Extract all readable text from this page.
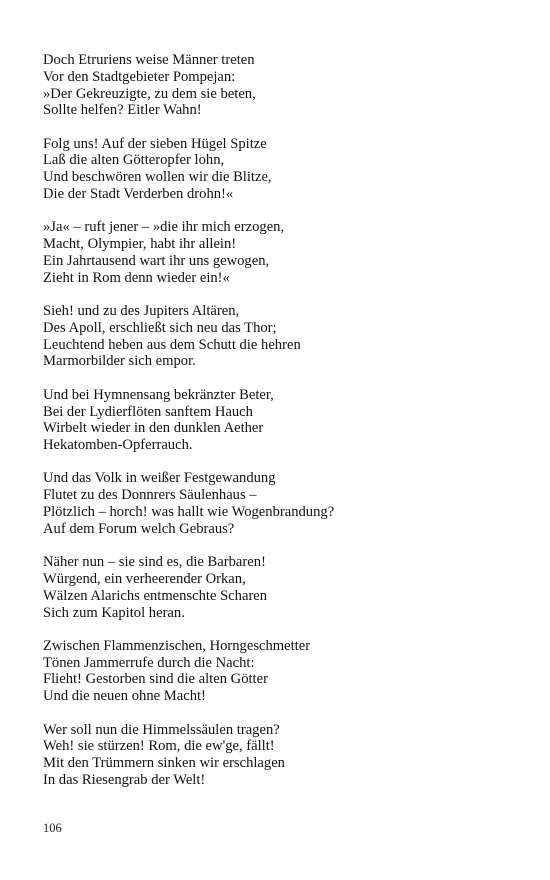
Doch Etruriens weise Männer treten
Vor den Stadtgebieter Pompejan:
»Der Gekreuzigte, zu dem sie beten,
Sollte helfen? Eitler Wahn!
Folg uns! Auf der sieben Hügel Spitze
Laß die alten Götteropfer lohn,
Und beschwören wollen wir die Blitze,
Die der Stadt Verderben drohn!«
»Ja« – ruft jener – »die ihr mich erzogen,
Macht, Olympier, habt ihr allein!
Ein Jahrtausend wart ihr uns gewogen,
Zieht in Rom denn wieder ein!«
Sieh! und zu des Jupiters Altären,
Des Apoll, erschließt sich neu das Thor;
Leuchtend heben aus dem Schutt die hehren
Marmorbilder sich empor.
Und bei Hymnensang bekränzter Beter,
Bei der Lydierflöten sanftem Hauch
Wirbelt wieder in den dunklen Aether
Hekatomben-Opferrauch.
Und das Volk in weißer Festgewandung
Flutet zu des Donnrers Säulenhaus –
Plötzlich – horch! was hallt wie Wogenbrandung?
Auf dem Forum welch Gebraus?
Näher nun – sie sind es, die Barbaren!
Würgend, ein verheerender Orkan,
Wälzen Alarichs entmenschte Scharen
Sich zum Kapitol heran.
Zwischen Flammenzischen, Horngeschmetter
Tönen Jammerrufe durch die Nacht:
Flieht! Gestorben sind die alten Götter
Und die neuen ohne Macht!
Wer soll nun die Himmelssäulen tragen?
Weh! sie stürzen! Rom, die ew'ge, fällt!
Mit den Trümmern sinken wir erschlagen
In das Riesengrab der Welt!
106
